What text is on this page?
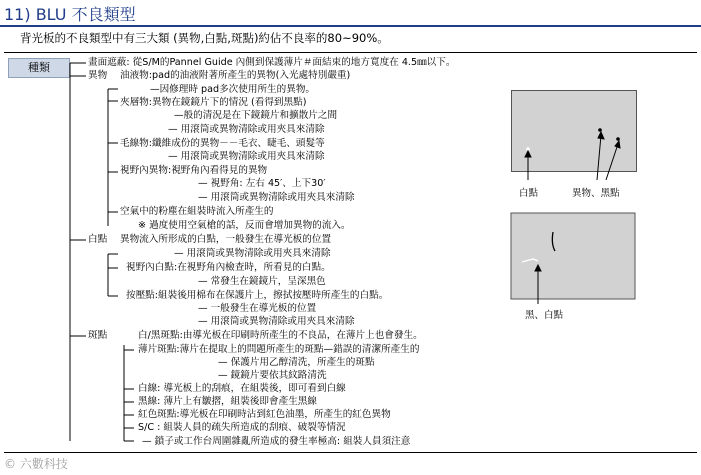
11) BLU 不良類型
背光板的不良類型中有三大類 (異物,白點,斑點)約佔不良率的80~90%。
種類	畫面遮蔽: 從S/M的Pannel Guide 內側到保護薄片＃面結束的地方寬度在 4.5㎜以下。
異物 油液物:pad的油液附著所產生的異物(入光處特別嚴重)
—因修理時 pad多次使用所生的異物。
夾層物:異物在鏡鏡片下的情況 (看得到黑點)
—般的清況是在下鏡鏡片和擴散片之間
— 用滾筒或異物清除或用夾具來清除
毛線物:纖維成份的異物－－毛衣、睫毛、頭髮等
— 用滾筒或異物清除或用夾具來清除
視野內異物:視野角內看得見的異物
— 視野角: 左右 45′、上下30′
— 用滾筒或異物清除或用夾具來清除
空氣中的粉塵在組裝時流入所產生的
※ 過度使用空氣槍的話，反而會增加異物的流入。
白點 異物流入所形成的白點，一般發生在導光板的位置
— 用滾筒或異物清除或用夾具來清除
視野內白點:在視野角內檢查時，所看見的白點。
— 常發生在鏡鏡片，呈深黑色
按壓點:組裝後用棉布在保護片上，擦拭按壓時所產生的白點。
— 一般發生在導光板的位置
— 用滾筒或異物清除或用夾具來清除
斑點	白/黑斑點:由導光板在印刷時所產生的不良品，在薄片上也會發生。
薄片斑點:薄片在提取上的問題所產生的斑點—錯誤的清潔所產生的
— 保護片用乙醇清洗，所產生的斑點
— 鏡鏡片要依其紋路清洗
白線: 導光板上的刮痕，在組裝後，即可看到白線
黑線: 薄片上有皺摺，組裝後即會產生黑線
紅色斑點:導光板在印刷時沾到紅色油墨，所產生的紅色異物
S/C : 組裝人員的疏失所造成的刮痕、破裂等情況
— 鎖子或工作台周圍雜亂所造成的發生率極高: 組裝人員須注意
白點	異物、黑點
黑、白點
© 六數科技
